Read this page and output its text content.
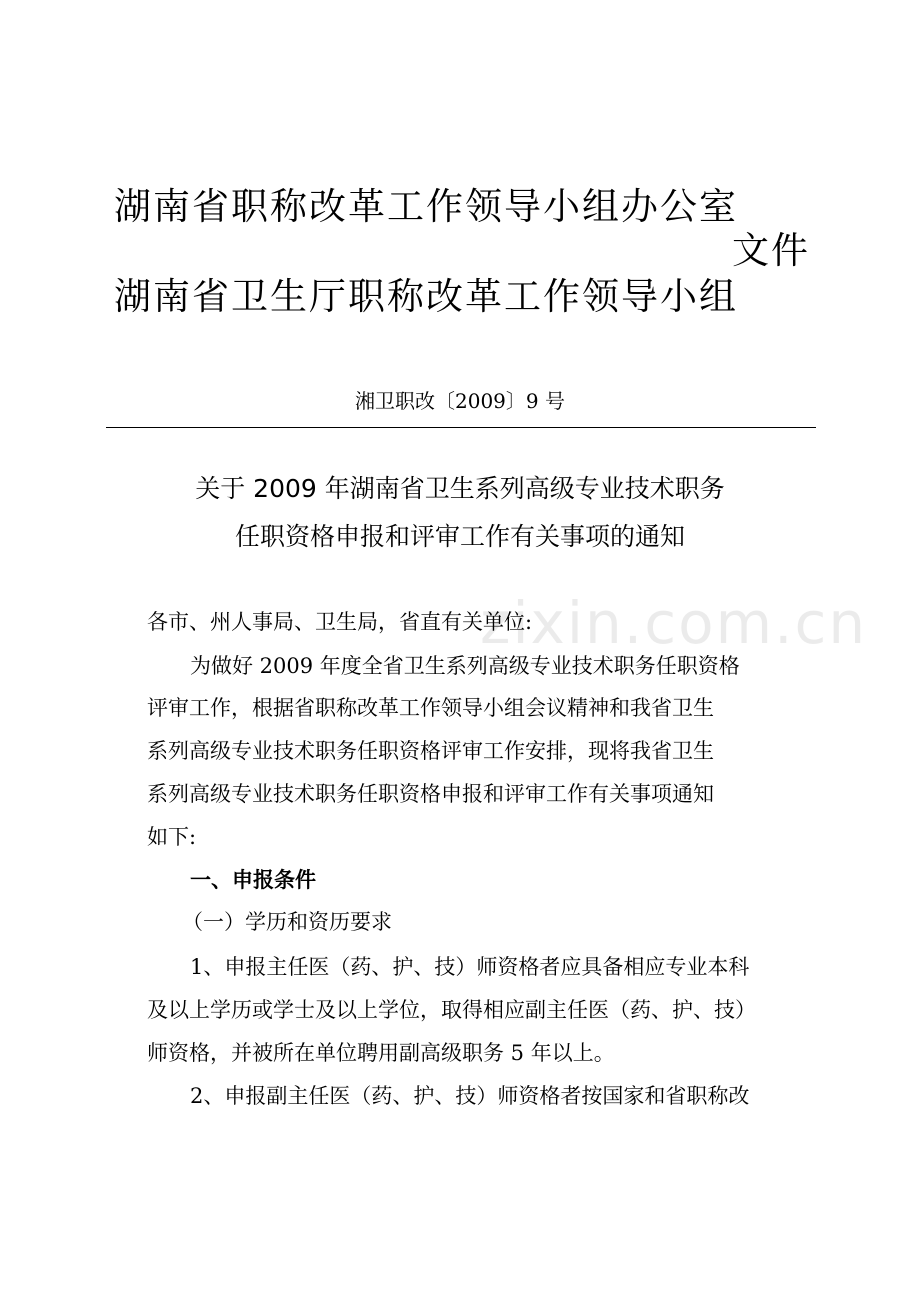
湖南省职称改革工作领导小组办公室
文件
湖南省卫生厅职称改革工作领导小组
湘卫职改〔2009〕9 号
关于 2009 年湖南省卫生系列高级专业技术职务
任职资格申报和评审工作有关事项的通知
zixin.com.cn
各市、州人事局、卫生局，省直有关单位:
为做好 2009 年度全省卫生系列高级专业技术职务任职资格
评审工作，根据省职称改革工作领导小组会议精神和我省卫生
系列高级专业技术职务任职资格评审工作安排，现将我省卫生
系列高级专业技术职务任职资格申报和评审工作有关事项通知
如下:
一、申报条件
（一）学历和资历要求
1、申报主任医（药、护、技）师资格者应具备相应专业本科
及以上学历或学士及以上学位，取得相应副主任医（药、护、技）
师资格，并被所在单位聘用副高级职务 5 年以上。
2、申报副主任医（药、护、技）师资格者按国家和省职称改
